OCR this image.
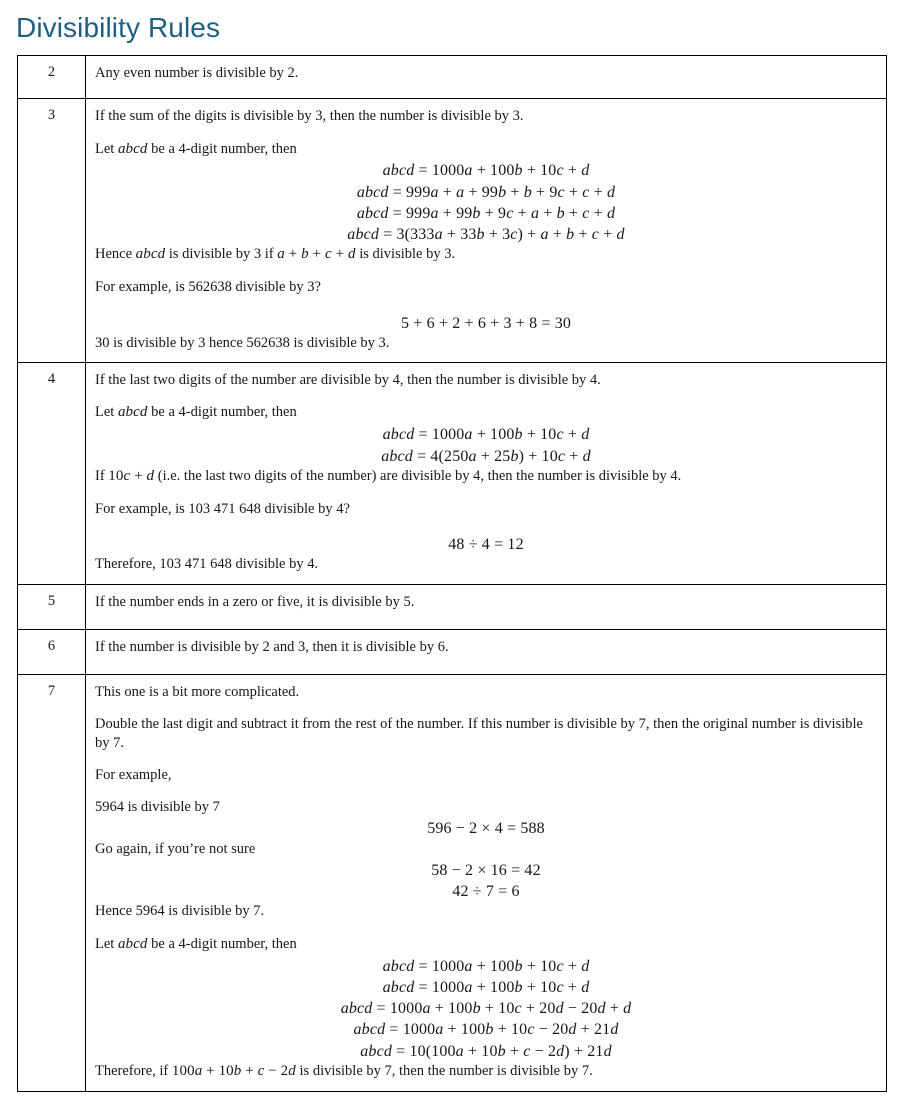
Divisibility Rules
2	Any even number is divisible by 2.

3	If the sum of the digits is divisible by 3, then the number is divisible by 3.

Let abcd be a 4-digit number, then

abcd = 1000a + 100b + 10c + d
abcd = 999a + a + 99b + b + 9c + c + d
abcd = 999a + 99b + 9c + a + b + c + d
abcd = 3(333a + 33b + 3c) + a + b + c + d

Hence abcd is divisible by 3 if a + b + c + d is divisible by 3.

For example, is 562638 divisible by 3?

5 + 6 + 2 + 6 + 3 + 8 = 30

30 is divisible by 3 hence 562638 is divisible by 3.

4	If the last two digits of the number are divisible by 4, then the number is divisible by 4.

Let abcd be a 4-digit number, then

abcd = 1000a + 100b + 10c + d
abcd = 4(250a + 25b) + 10c + d

If 10c + d (i.e. the last two digits of the number) are divisible by 4, then the number is divisible by 4.

For example, is 103 471 648 divisible by 4?

48 ÷ 4 = 12

Therefore, 103 471 648 divisible by 4.

5	If the number ends in a zero or five, it is divisible by 5.

6	If the number is divisible by 2 and 3, then it is divisible by 6.

7	This one is a bit more complicated.

Double the last digit and subtract it from the rest of the number. If this number is divisible by 7, then the original number is divisible by 7.

For example,

5964 is divisible by 7

596 − 2 × 4 = 588

Go again, if you’re not sure

58 − 2 × 16 = 42
42 ÷ 7 = 6

Hence 5964 is divisible by 7.

Let abcd be a 4-digit number, then

abcd = 1000a + 100b + 10c + d
abcd = 1000a + 100b + 10c + d
abcd = 1000a + 100b + 10c + 20d − 20d + d
abcd = 1000a + 100b + 10c − 20d + 21d
abcd = 10(100a + 10b + c − 2d) + 21d

Therefore, if 100a + 10b + c − 2d is divisible by 7, then the number is divisible by 7.
